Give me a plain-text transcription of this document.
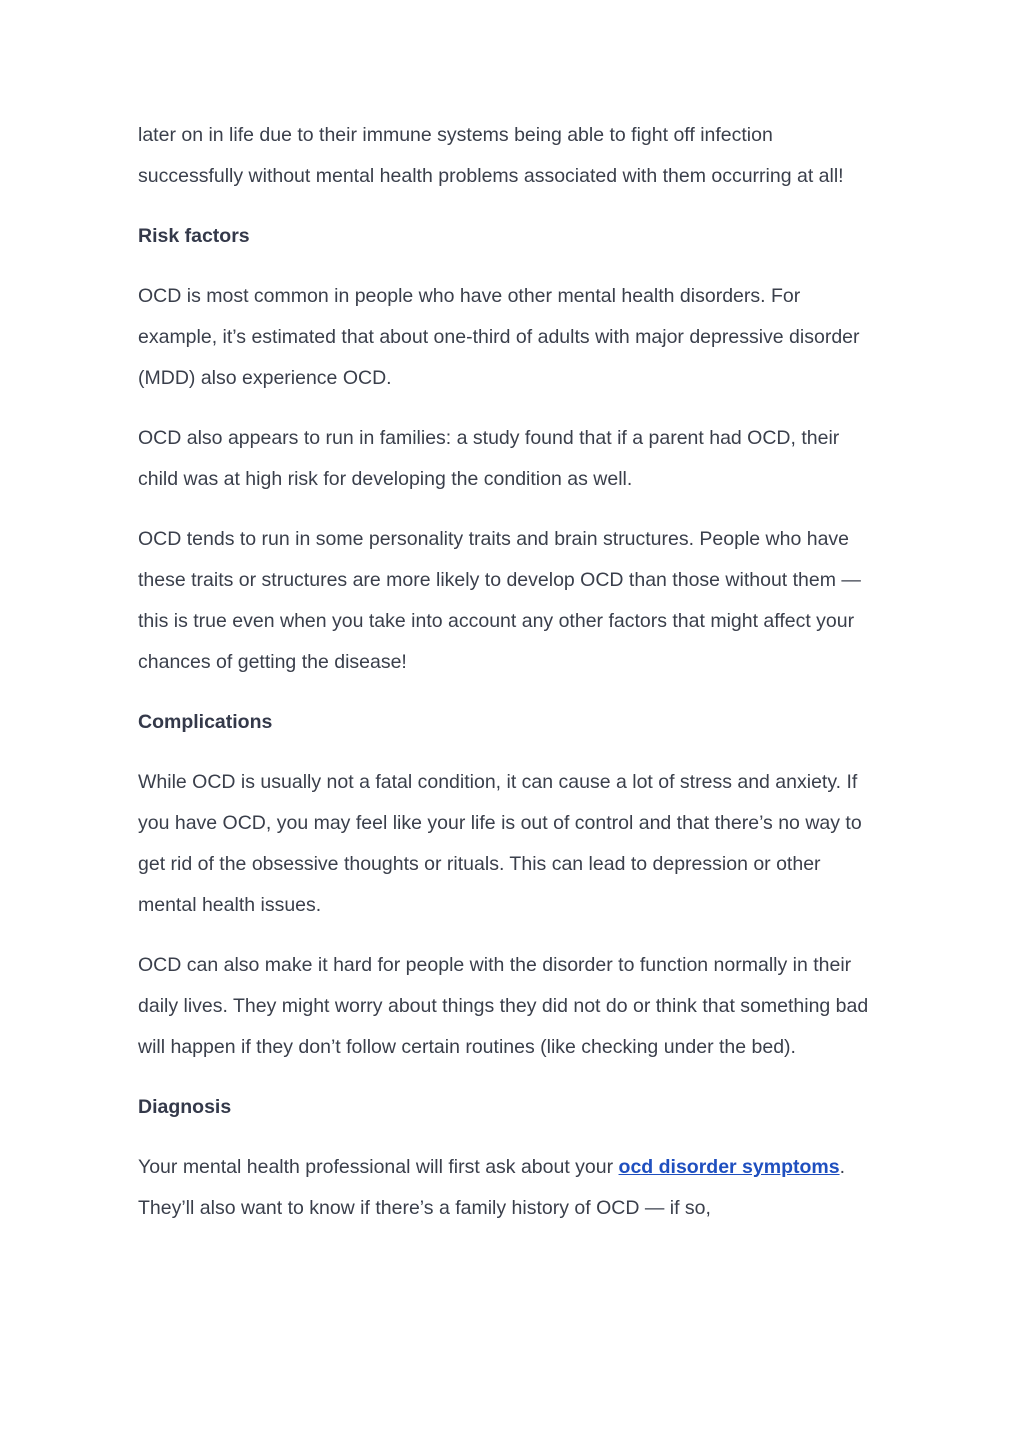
later on in life due to their immune systems being able to fight off infection successfully without mental health problems associated with them occurring at all!

Risk factors

OCD is most common in people who have other mental health disorders. For example, it’s estimated that about one-third of adults with major depressive disorder (MDD) also experience OCD.

OCD also appears to run in families: a study found that if a parent had OCD, their child was at high risk for developing the condition as well.

OCD tends to run in some personality traits and brain structures. People who have these traits or structures are more likely to develop OCD than those without them — this is true even when you take into account any other factors that might affect your chances of getting the disease!

Complications

While OCD is usually not a fatal condition, it can cause a lot of stress and anxiety. If you have OCD, you may feel like your life is out of control and that there’s no way to get rid of the obsessive thoughts or rituals. This can lead to depression or other mental health issues.

OCD can also make it hard for people with the disorder to function normally in their daily lives. They might worry about things they did not do or think that something bad will happen if they don’t follow certain routines (like checking under the bed).

Diagnosis

Your mental health professional will first ask about your ocd disorder symptoms. They’ll also want to know if there’s a family history of OCD — if so,
